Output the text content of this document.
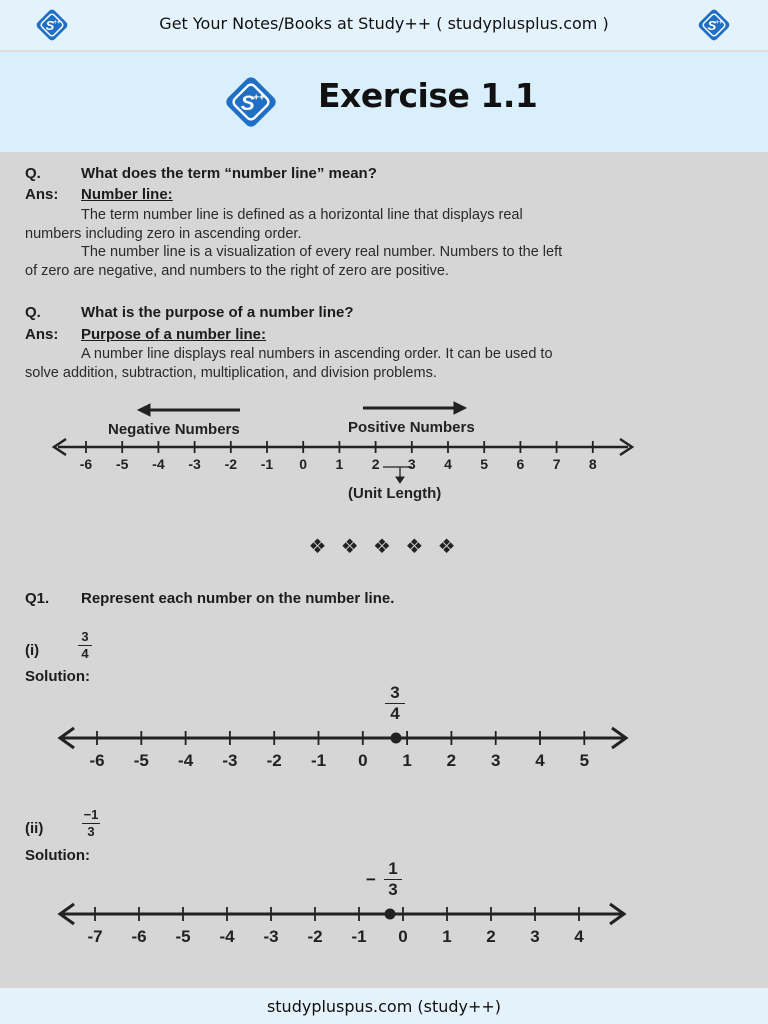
S ++	Get Your Notes/Books at Study++ ( studyplusplus.com )	S ++
S
++ Exercise 1.1
Q.	What does the term “number line” mean?
Ans: Number line:
The term number line is defined as a horizontal line that displays real
numbers including zero in ascending order.
The number line is a visualization of every real number. Numbers to the left
of zero are negative, and numbers to the right of zero are positive.
Q.	What is the purpose of a number line?
Ans: Purpose of a number line:
A number line displays real numbers in ascending order. It can be used to
solve addition, subtraction, multiplication, and division problems.
Negative Numbers	Positive Numbers
-6 -5 -4 -3 -2 -1 0 1 2 3 4 5 6 7 8
(Unit Length)
❖ ❖ ❖ ❖ ❖
Q1. Represent each number on the number line.
(i)
3
4
Solution:
3
4
-6 -5 -4 -3 -2 -1 0 1 2 3 4 5
(ii)
−1
3
Solution:
−
1
3
-7 -6 -5 -4 -3 -2 -1 0 1 2 3 4
studypluspus.com (study++)
